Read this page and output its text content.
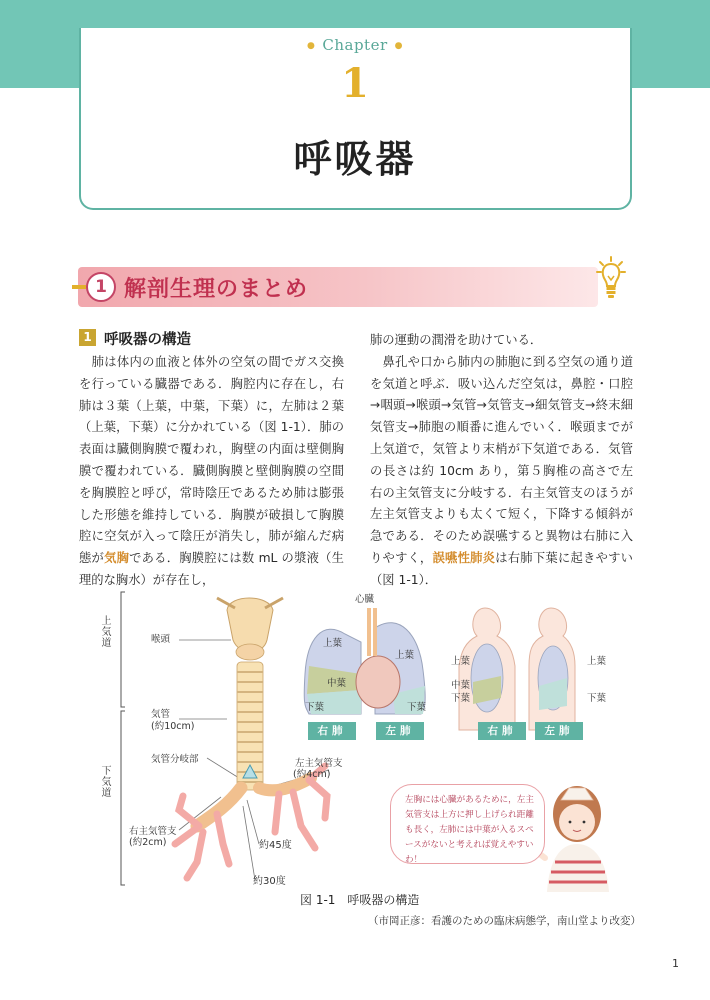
● Chapter ●
1
呼吸器
1 解剖生理のまとめ
1 呼吸器の構造
　肺は体内の血液と体外の空気の間でガス交換を行っている臓器である．胸腔内に存在し，右肺は３葉（上葉，中葉，下葉）に，左肺は２葉（上葉，下葉）に分かれている（図 1-1）．肺の表面は臓側胸膜で覆われ，胸壁の内面は壁側胸膜で覆われている．臓側胸膜と壁側胸膜の空間を胸膜腔と呼び，常時陰圧であるため肺は膨張した形態を維持している．胸膜が破損して胸膜腔に空気が入って陰圧が消失し，肺が縮んだ病態が気胸である．胸膜腔には数 mL の漿液（生理的な胸水）が存在し，
肺の運動の潤滑を助けている．
　鼻孔や口から肺内の肺胞に到る空気の通り道を気道と呼ぶ．吸い込んだ空気は，鼻腔・口腔→咽頭→喉頭→気管→気管支→細気管支→終末細気管支→肺胞の順番に進んでいく．喉頭までが上気道で，気管より末梢が下気道である．気管の長さは約 10cm あり，第５胸椎の高さで左右の主気管支に分岐する．右主気管支のほうが左主気管支よりも太くて短く，下降する傾斜が急である．そのため誤嚥すると異物は右肺に入りやすく，誤嚥性肺炎は右肺下葉に起きやすい（図 1-1）．
上気道
下気道
喉頭
気管
(約10cm)
気管分岐部	左主気管支
(約4cm)
右主気管支
(約2cm)	約45度
約30度
心臓
上葉
中葉
下葉
上葉
下葉
右肺	左肺
上葉
中葉
下葉
上葉
下葉
右肺	左肺
左胸には心臓があるために，左主気管支は上方に押し上げられ距離も長く，左肺には中葉が入るスペースがないと考えれば覚えやすいわ！
図 1-1　呼吸器の構造
（市岡正彦：看護のための臨床病態学，南山堂より改変）
1
